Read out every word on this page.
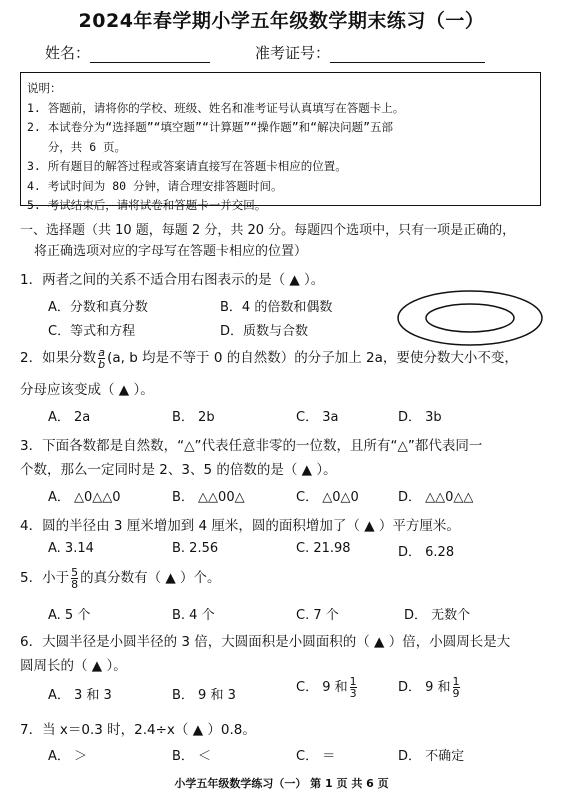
2024年春学期小学五年级数学期末练习（一）
姓名：	准考证号：
说明：
1. 答题前，请将你的学校、班级、姓名和准考证号认真填写在答题卡上。
2. 本试卷分为“选择题”“填空题”“计算题”“操作题”和“解决问题”五部
分，共 6 页。
3. 所有题目的解答过程或答案请直接写在答题卡相应的位置。
4. 考试时间为 80 分钟，请合理安排答题时间。
5. 考试结束后，请将试卷和答题卡一并交回。
一、选择题（共 10 题，每题 2 分，共 20 分。每题四个选项中，只有一项是正确的，
将正确选项对应的字母写在答题卡相应的位置）
1．两者之间的关系不适合用右图表示的是（ ▲ ）。
A．分数和真分数	B．4 的倍数和偶数
C．等式和方程	D．质数与合数
2．如果分数 $\frac{a}{b} (a$, b 均是不等于 0 的自然数）的分子加上 2a，要使分数大小不变，
分母应该变成（ ▲ ）。
A． 2a	B． 2b	C． 3a	D． 3b
3．下面各数都是自然数，“△”代表任意非零的一位数，且所有“△”都代表同一
个数，那么一定同时是 2、3、5 的倍数的是（ ▲ ）。
A． △0△△0	B． △△00△	C． △0△0	D． △△0△△
4．圆的半径由 3 厘米增加到 4 厘米，圆的面积增加了（ ▲ ）平方厘米。
A. 3.14	B. 2.56	C. 21.98	D． 6.28
5．小于 $\frac{5}{8}$ 的真分数有（ ▲ ）个。
A. 5 个	B. 4 个	C. 7 个	D． 无数个
6．大圆半径是小圆半径的 3 倍，大圆面积是小圆面积的（ ▲ ）倍，小圆周长是大
圆周长的（ ▲ ）。
A． 3 和 3	B． 9 和 3
C． 9 和 $\frac{1}{3}$	D． 9 和 $\frac{1}{9}$
7．当 x＝0.3 时，2.4÷x（ ▲ ）0.8。
A． ＞	B． ＜	C． ＝	D． 不确定
小学五年级数学练习（一） 第 1 页 共 6 页
